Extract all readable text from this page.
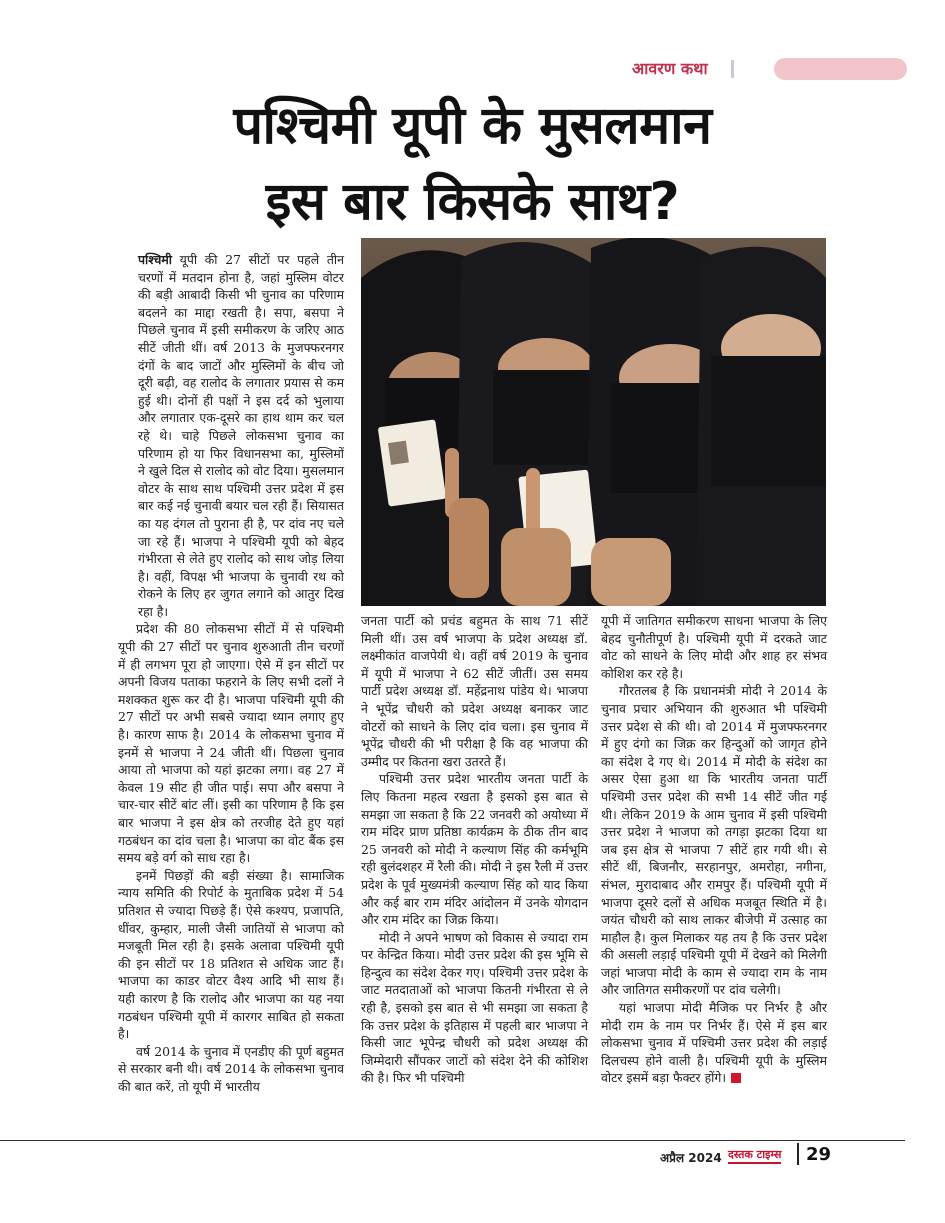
आवरण कथा
पश्चिमी यूपी के मुसलमान
इस बार किसके साथ?

पश्चिमी यूपी की 27 सीटों पर पहले तीन चरणों में मतदान होना है, जहां मुस्लिम वोटर की बड़ी आबादी किसी भी चुनाव का परिणाम बदलने का माद्दा रखती है। सपा, बसपा ने पिछले चुनाव में इसी समीकरण के जरिए आठ सीटें जीती थीं। वर्ष 2013 के मुजफ्फरनगर दंगों के बाद जाटों और मुस्लिमों के बीच जो दूरी बढ़ी, वह रालोद के लगातार प्रयास से कम हुई थी। दोनों ही पक्षों ने इस दर्द को भुलाया और लगातार एक-दूसरे का हाथ थाम कर चल रहे थे। चाहे पिछले लोकसभा चुनाव का परिणाम हो या फिर विधानसभा का, मुस्लिमों ने खुले दिल से रालोद को वोट दिया। मुसलमान वोटर के साथ साथ पश्चिमी उत्तर प्रदेश में इस बार कई नई चुनावी बयार चल रही हैं। सियासत का यह दंगल तो पुराना ही है, पर दांव नए चले जा रहे हैं। भाजपा ने पश्चिमी यूपी को बेहद गंभीरता से लेते हुए रालोद को साथ जोड़ लिया है। वहीं, विपक्ष भी भाजपा के चुनावी रथ को रोकने के लिए हर जुगत लगाने को आतुर दिख रहा है।

प्रदेश की 80 लोकसभा सीटों में से पश्चिमी यूपी की 27 सीटों पर चुनाव शुरुआती तीन चरणों में ही लगभग पूरा हो जाएगा। ऐसे में इन सीटों पर अपनी विजय पताका फहराने के लिए सभी दलों ने मशक्कत शुरू कर दी है। भाजपा पश्चिमी यूपी की 27 सीटों पर अभी सबसे ज्यादा ध्यान लगाए हुए है। कारण साफ है। 2014 के लोकसभा चुनाव में इनमें से भाजपा ने 24 जीती थीं। पिछला चुनाव आया तो भाजपा को यहां झटका लगा। वह 27 में केवल 19 सीट ही जीत पाई। सपा और बसपा ने चार-चार सीटें बांट लीं। इसी का परिणाम है कि इस बार भाजपा ने इस क्षेत्र को तरजीह देते हुए यहां गठबंधन का दांव चला है। भाजपा का वोट बैंक इस समय बड़े वर्ग को साध रहा है।

इनमें पिछड़ों की बड़ी संख्या है। सामाजिक न्याय समिति की रिपोर्ट के मुताबिक प्रदेश में 54 प्रतिशत से ज्यादा पिछड़े हैं। ऐसे कश्यप, प्रजापति, धींवर, कुम्हार, माली जैसी जातियों से भाजपा को मजबूती मिल रही है। इसके अलावा पश्चिमी यूपी की इन सीटों पर 18 प्रतिशत से अधिक जाट हैं। भाजपा का काडर वोटर वैश्य आदि भी साथ हैं। यही कारण है कि रालोद और भाजपा का यह नया गठबंधन पश्चिमी यूपी में कारगर साबित हो सकता है।

वर्ष 2014 के चुनाव में एनडीए की पूर्ण बहुमत से सरकार बनी थी। वर्ष 2014 के लोकसभा चुनाव की बात करें, तो यूपी में भारतीय

जनता पार्टी को प्रचंड बहुमत के साथ 71 सीटें मिली थीं। उस वर्ष भाजपा के प्रदेश अध्यक्ष डॉ. लक्ष्मीकांत वाजपेयी थे। वहीं वर्ष 2019 के चुनाव में यूपी में भाजपा ने 62 सीटें जीतीं। उस समय पार्टी प्रदेश अध्यक्ष डॉ. महेंद्रनाथ पांडेय थे। भाजपा ने भूपेंद्र चौधरी को प्रदेश अध्यक्ष बनाकर जाट वोटरों को साधने के लिए दांव चला। इस चुनाव में भूपेंद्र चौधरी की भी परीक्षा है कि वह भाजपा की उम्मीद पर कितना खरा उतरते हैं।

पश्चिमी उत्तर प्रदेश भारतीय जनता पार्टी के लिए कितना महत्व रखता है इसको इस बात से समझा जा सकता है कि 22 जनवरी को अयोध्या में राम मंदिर प्राण प्रतिष्ठा कार्यक्रम के ठीक तीन बाद 25 जनवरी को मोदी ने कल्याण सिंह की कर्मभूमि रही बुलंदशहर में रैली की। मोदी ने इस रैली में उत्तर प्रदेश के पूर्व मुख्यमंत्री कल्याण सिंह को याद किया और कई बार राम मंदिर आंदोलन में उनके योगदान और राम मंदिर का जिक्र किया।

मोदी ने अपने भाषण को विकास से ज्यादा राम पर केन्द्रित किया। मोदी उत्तर प्रदेश की इस भूमि से हिन्दुत्व का संदेश देकर गए। पश्चिमी उत्तर प्रदेश के जाट मतदाताओं को भाजपा कितनी गंभीरता से ले रही है, इसको इस बात से भी समझा जा सकता है कि उत्तर प्रदेश के इतिहास में पहली बार भाजपा ने किसी जाट भूपेन्द्र चौधरी को प्रदेश अध्यक्ष की जिम्मेदारी सौंपकर जाटों को संदेश देने की कोशिश की है। फिर भी पश्चिमी

यूपी में जातिगत समीकरण साधना भाजपा के लिए बेहद चुनौतीपूर्ण है। पश्चिमी यूपी में दरकते जाट वोट को साधने के लिए मोदी और शाह हर संभव कोशिश कर रहे है।

गौरतलब है कि प्रधानमंत्री मोदी ने 2014 के चुनाव प्रचार अभियान की शुरुआत भी पश्चिमी उत्तर प्रदेश से की थी। वो 2014 में मुजफ्फरनगर में हुए दंगो का जिक्र कर हिन्दुओं को जागृत होने का संदेश दे गए थे। 2014 में मोदी के संदेश का असर ऐसा हुआ था कि भारतीय जनता पार्टी पश्चिमी उत्तर प्रदेश की सभी 14 सीटें जीत गई थी। लेकिन 2019 के आम चुनाव में इसी पश्चिमी उत्तर प्रदेश ने भाजपा को तगड़ा झटका दिया था जब इस क्षेत्र से भाजपा 7 सीटें हार गयी थी। से सीटें थीं, बिजनौर, सरहानपुर, अमरोहा, नगीना, संभल, मुरादाबाद और रामपुर हैं। पश्चिमी यूपी में भाजपा दूसरे दलों से अधिक मजबूत स्थिति में है। जयंत चौधरी को साथ लाकर बीजेपी में उत्साह का माहौल है। कुल मिलाकर यह तय है कि उत्तर प्रदेश की असली लड़ाई पश्चिमी यूपी में देखने को मिलेगी जहां भाजपा मोदी के काम से ज्यादा राम के नाम और जातिगत समीकरणों पर दांव चलेगी।

यहां भाजपा मोदी मैजिक पर निर्भर है और मोदी राम के नाम पर निर्भर हैं। ऐसे में इस बार लोकसभा चुनाव में पश्चिमी उत्तर प्रदेश की लड़ाई दिलचस्प होने वाली है। पश्चिमी यूपी के मुस्लिम वोटर इसमें बड़ा फैक्टर होंगे।

अप्रैल 2024 दस्तक टाइम्स 29
